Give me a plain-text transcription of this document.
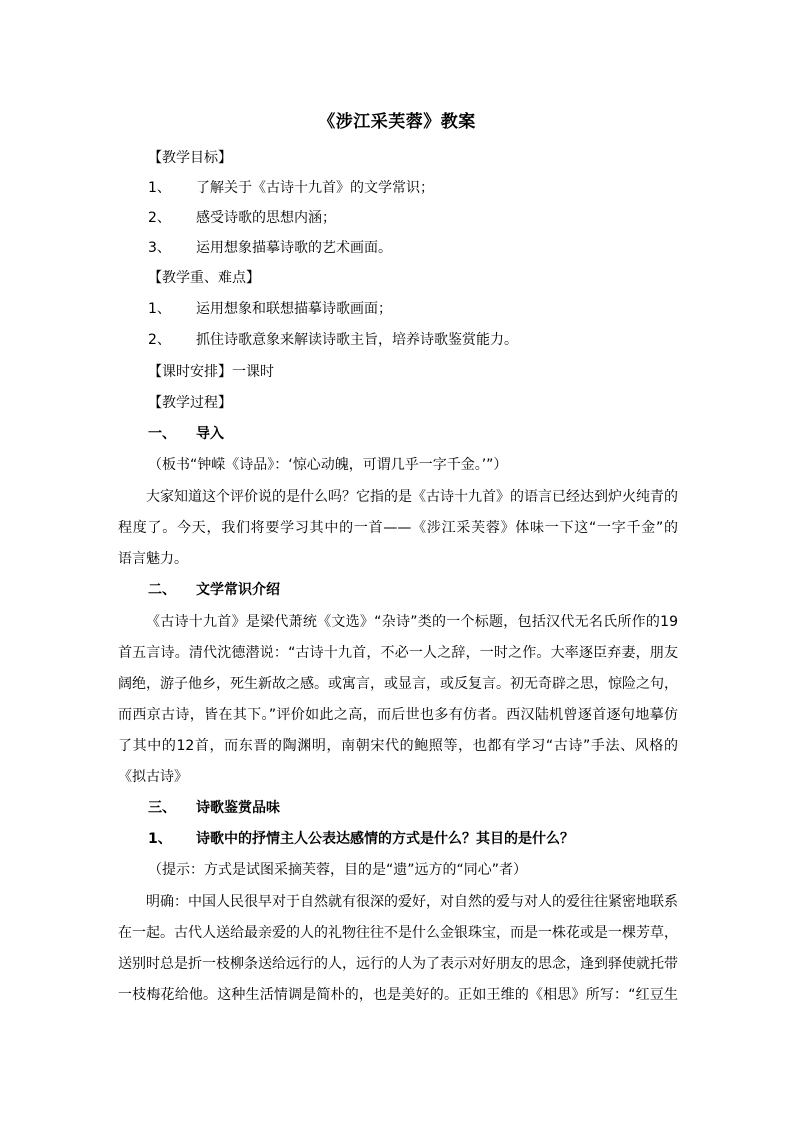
《涉江采芙蓉》教案
【教学目标】
1、 了解关于《古诗十九首》的文学常识；
2、 感受诗歌的思想内涵；
3、 运用想象描摹诗歌的艺术画面。
【教学重、难点】
1、 运用想象和联想描摹诗歌画面；
2、 抓住诗歌意象来解读诗歌主旨，培养诗歌鉴赏能力。
【课时安排】一课时
【教学过程】
一、 导入
（板书“钟嵘《诗品》：‘惊心动魄，可谓几乎一字千金。’”）
大家知道这个评价说的是什么吗？它指的是《古诗十九首》的语言已经达到炉火纯青的
程度了。今天，我们将要学习其中的一首——《涉江采芙蓉》体味一下这“一字千金”的
语言魅力。
二、 文学常识介绍
《古诗十九首》是梁代萧统《文选》“杂诗”类的一个标题，包括汉代无名氏所作的19
首五言诗。清代沈德潜说：“古诗十九首，不必一人之辞，一时之作。大率逐臣弃妻，朋友
阔绝，游子他乡，死生新故之感。或寓言，或显言，或反复言。初无奇辟之思，惊险之句，
而西京古诗，皆在其下。”评价如此之高，而后世也多有仿者。西汉陆机曾逐首逐句地摹仿
了其中的12首，而东晋的陶渊明，南朝宋代的鲍照等，也都有学习“古诗”手法、风格的
《拟古诗》
三、 诗歌鉴赏品味
1、 诗歌中的抒情主人公表达感情的方式是什么？其目的是什么？
（提示：方式是试图采摘芙蓉，目的是“遗”远方的“同心”者）
明确：中国人民很早对于自然就有很深的爱好，对自然的爱与对人的爱往往紧密地联系
在一起。古代人送给最亲爱的人的礼物往往不是什么金银珠宝，而是一株花或是一棵芳草，
送别时总是折一枝柳条送给远行的人，远行的人为了表示对好朋友的思念，逢到驿使就托带
一枝梅花给他。这种生活情调是简朴的，也是美好的。正如王维的《相思》所写：“红豆生
